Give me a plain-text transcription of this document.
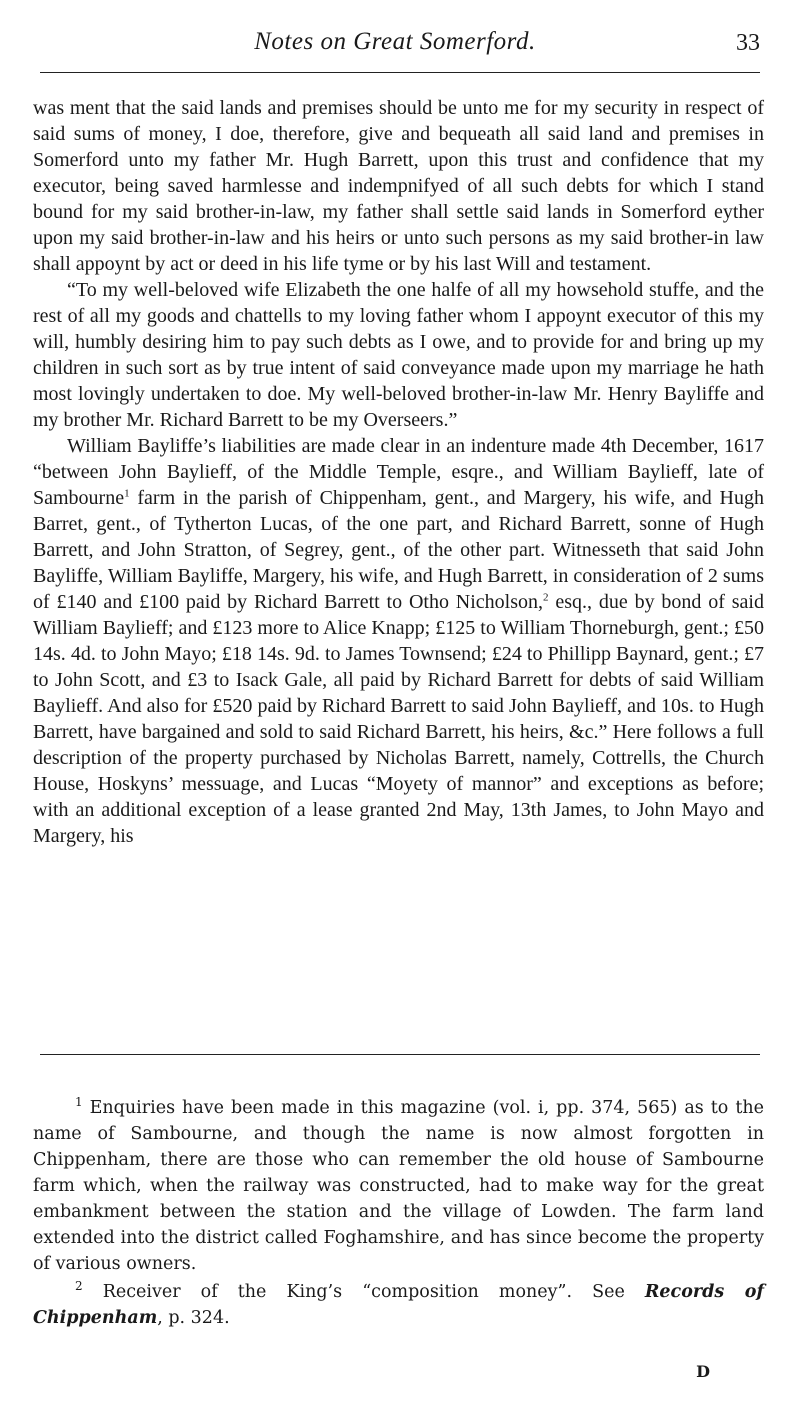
Notes on Great Somerford.	33

was ment that the said lands and premises should be unto me for my security in respect of said sums of money, I doe, therefore, give and bequeath all said land and premises in Somerford unto my father Mr. Hugh Barrett, upon this trust and confidence that my executor, being saved harmlesse and indempnifyed of all such debts for which I stand bound for my said brother-in-law, my father shall settle said lands in Somerford eyther upon my said brother-in-law and his heirs or unto such persons as my said brother-in law shall appoynt by act or deed in his life tyme or by his last Will and testament.

“To my well-beloved wife Elizabeth the one halfe of all my howsehold stuffe, and the rest of all my goods and chattells to my loving father whom I appoynt executor of this my will, humbly desiring him to pay such debts as I owe, and to provide for and bring up my children in such sort as by true intent of said conveyance made upon my marriage he hath most lovingly undertaken to doe. My well-beloved brother-in-law Mr. Henry Bayliffe and my brother Mr. Richard Barrett to be my Overseers.”

William Bayliffe’s liabilities are made clear in an indenture made 4th December, 1617 “between John Baylieff, of the Middle Temple, esqre., and William Baylieff, late of Sambourne$^1$ farm in the parish of Chippenham, gent., and Margery, his wife, and Hugh Barret, gent., of Tytherton Lucas, of the one part, and Richard Barrett, sonne of Hugh Barrett, and John Stratton, of Segrey, gent., of the other part. Witnesseth that said John Bayliffe, William Bayliffe, Margery, his wife, and Hugh Barrett, in consideration of 2 sums of £140 and £100 paid by Richard Barrett to Otho Nicholson,$^2$ esq., due by bond of said William Baylieff; and £123 more to Alice Knapp; £125 to William Thorneburgh, gent.; £50 14s. 4d. to John Mayo; £18 14s. 9d. to James Townsend; £24 to Phillipp Baynard, gent.; £7 to John Scott, and £3 to Isack Gale, all paid by Richard Barrett for debts of said William Baylieff. And also for £520 paid by Richard Barrett to said John Baylieff, and 10s. to Hugh Barrett, have bargained and sold to said Richard Barrett, his heirs, &c.” Here follows a full description of the property purchased by Nicholas Barrett, namely, Cottrells, the Church House, Hoskyns’ messuage, and Lucas “Moyety of mannor” and exceptions as before; with an additional exception of a lease granted 2nd May, 13th James, to John Mayo and Margery, his

$^1$ Enquiries have been made in this magazine (vol. i, pp. 374, 565) as to the name of Sambourne, and though the name is now almost forgotten in Chippenham, there are those who can remember the old house of Sambourne farm which, when the railway was constructed, had to make way for the great embankment between the station and the village of Lowden. The farm land extended into the district called Foghamshire, and has since become the property of various owners.

$^2$ Receiver of the King’s “composition money”. See Records of Chippenham, p. 324.

D
